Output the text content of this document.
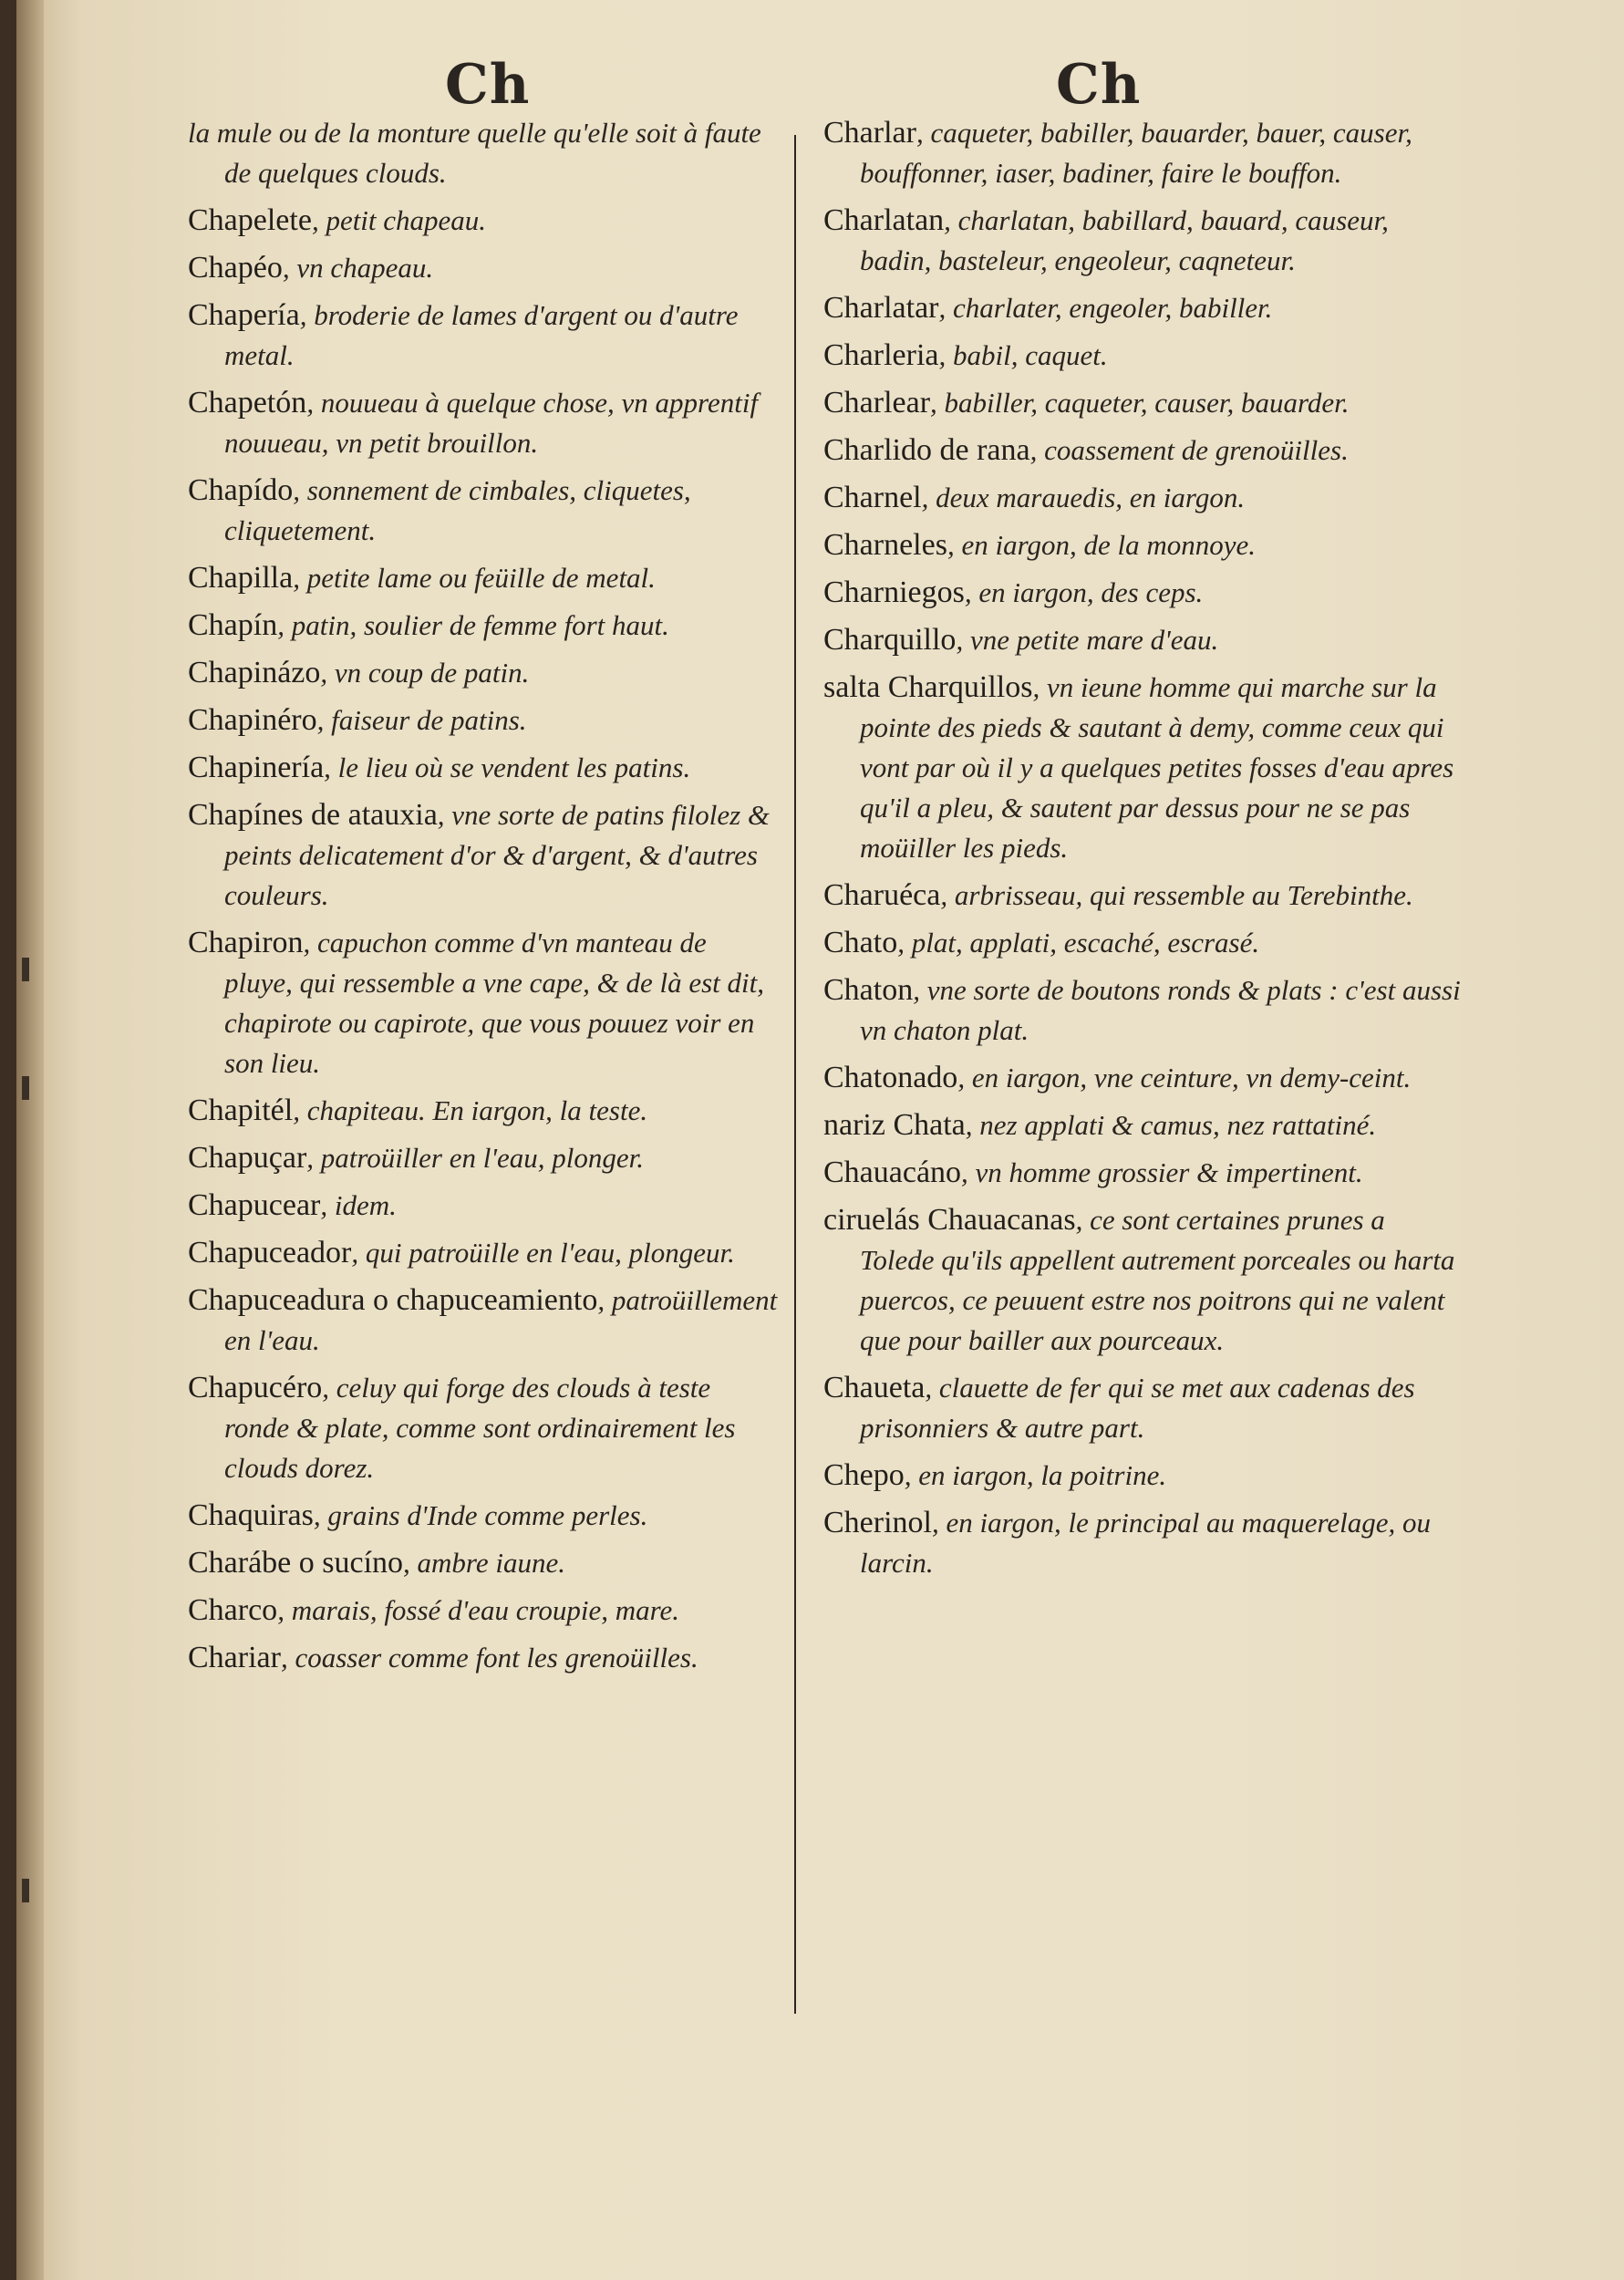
Ch	Ch
la mule ou de la monture quelle qu'elle soit à faute de quelques clouds.
Chapelete, petit chapeau.
Chapéo, vn chapeau.
Chapería, broderie de lames d'argent ou d'autre metal.
Chapetón, nouueau à quelque chose, vn apprentif nouueau, vn petit brouillon.
Chapído, sonnement de cimbales, cliquetes, cliquetement.
Chapilla, petite lame ou feüille de metal.
Chapín, patin, soulier de femme fort haut.
Chapinázo, vn coup de patin.
Chapinéro, faiseur de patins.
Chapinería, le lieu où se vendent les patins.
Chapínes de atauxia, vne sorte de patins filolez & peints delicatement d'or & d'argent, & d'autres couleurs.
Chapiron, capuchon comme d'vn manteau de pluye, qui ressemble a vne cape, & de là est dit, chapirote ou capirote, que vous pouuez voir en son lieu.
Chapitél, chapiteau. En iargon, la teste.
Chapuçar, patroüiller en l'eau, plonger.
Chapucear, idem.
Chapuceador, qui patroüille en l'eau, plongeur.
Chapuceadura o chapuceamiento, patroüillement en l'eau.
Chapucéro, celuy qui forge des clouds à teste ronde & plate, comme sont ordinairement les clouds dorez.
Chaquiras, grains d'Inde comme perles.
Charábe o sucíno, ambre iaune.
Charco, marais, fossé d'eau croupie, mare.
Chariar, coasser comme font les grenoüilles.
Charlar, caqueter, babiller, bauarder, bauer, causer, bouffonner, iaser, badiner, faire le bouffon.
Charlatan, charlatan, babillard, bauard, causeur, badin, basteleur, engeoleur, caqneteur.
Charlatar, charlater, engeoler, babiller.
Charleria, babil, caquet.
Charlear, babiller, caqueter, causer, bauarder.
Charlido de rana, coassement de grenoüilles.
Charnel, deux marauedis, en iargon.
Charneles, en iargon, de la monnoye.
Charniegos, en iargon, des ceps.
Charquillo, vne petite mare d'eau.
salta Charquillos, vn ieune homme qui marche sur la pointe des pieds & sautant à demy, comme ceux qui vont par où il y a quelques petites fosses d'eau apres qu'il a pleu, & sautent par dessus pour ne se pas moüiller les pieds.
Charuéca, arbrisseau, qui ressemble au Terebinthe.
Chato, plat, applati, escaché, escrasé.
Chaton, vne sorte de boutons ronds & plats : c'est aussi vn chaton plat.
Chatonado, en iargon, vne ceinture, vn demy-ceint.
nariz Chata, nez applati & camus, nez rattatiné.
Chauacáno, vn homme grossier & impertinent.
ciruelás Chauacanas, ce sont certaines prunes a Tolede qu'ils appellent autrement porceales ou harta puercos, ce peuuent estre nos poitrons qui ne valent que pour bailler aux pourceaux.
Chaueta, clauette de fer qui se met aux cadenas des prisonniers & autre part.
Chepo, en iargon, la poitrine.
Cherinol, en iargon, le principal au maquerelage, ou larcin.
